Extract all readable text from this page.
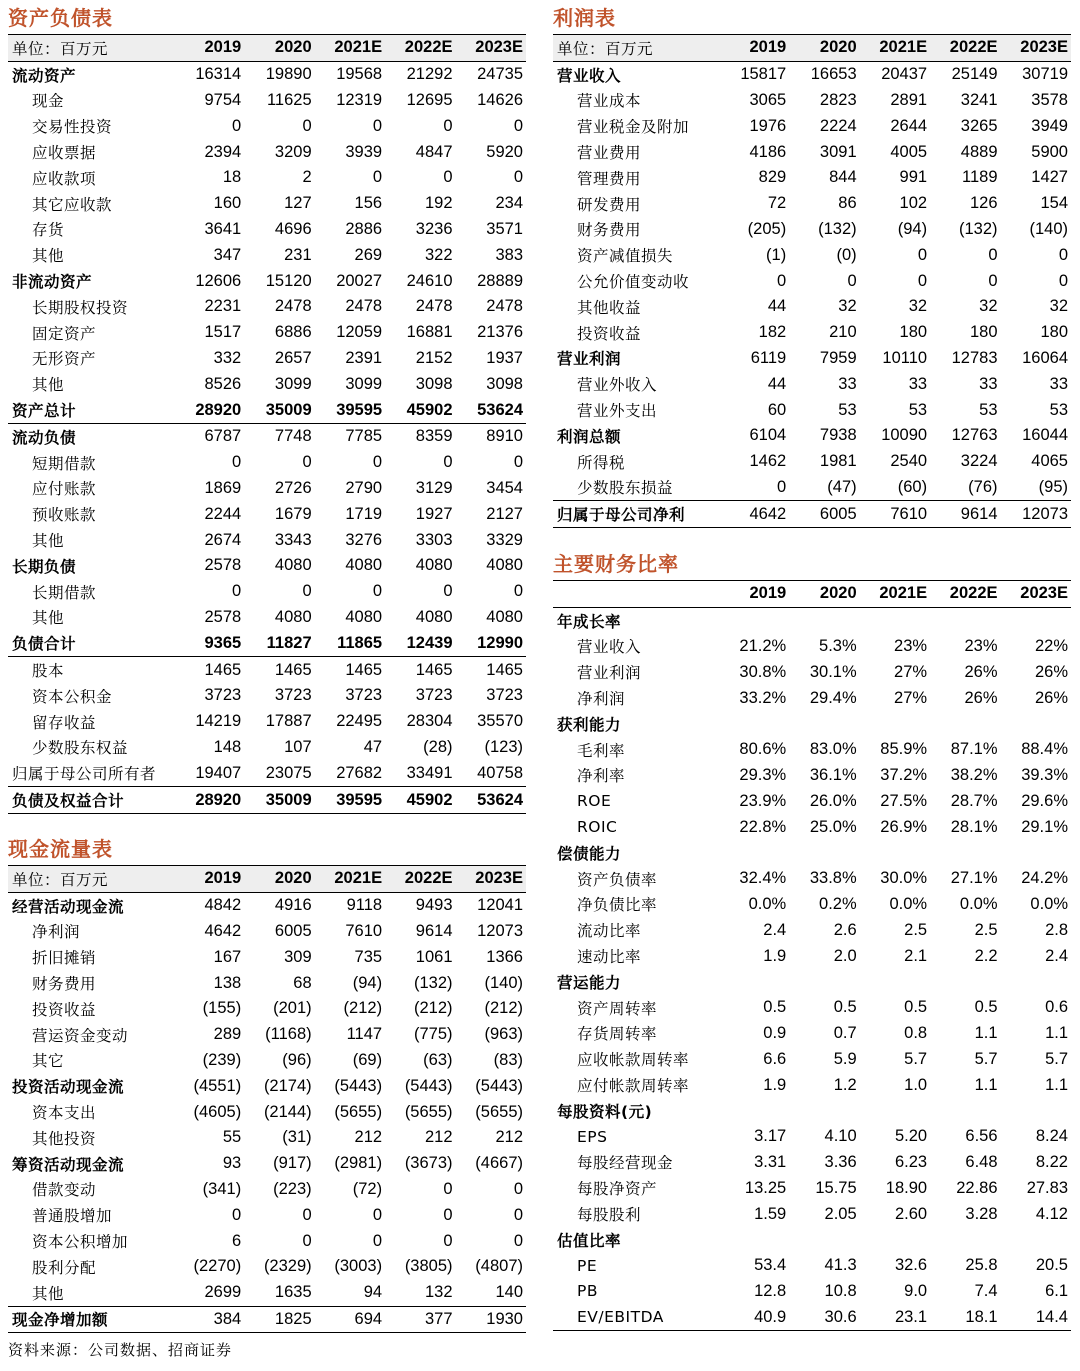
资产负债表
单位：百万元	2019	2020	2021E	2022E	2023E
流动资产	16314	19890	19568	21292	24735
现金	9754	11625	12319	12695	14626
交易性投资	0	0	0	0	0
应收票据	2394	3209	3939	4847	5920
应收款项	18	2	0	0	0
其它应收款	160	127	156	192	234
存货	3641	4696	2886	3236	3571
其他	347	231	269	322	383
非流动资产	12606	15120	20027	24610	28889
长期股权投资	2231	2478	2478	2478	2478
固定资产	1517	6886	12059	16881	21376
无形资产	332	2657	2391	2152	1937
其他	8526	3099	3099	3098	3098
资产总计	28920	35009	39595	45902	53624
流动负债	6787	7748	7785	8359	8910
短期借款	0	0	0	0	0
应付账款	1869	2726	2790	3129	3454
预收账款	2244	1679	1719	1927	2127
其他	2674	3343	3276	3303	3329
长期负债	2578	4080	4080	4080	4080
长期借款	0	0	0	0	0
其他	2578	4080	4080	4080	4080
负债合计	9365	11827	11865	12439	12990
股本	1465	1465	1465	1465	1465
资本公积金	3723	3723	3723	3723	3723
留存收益	14219	17887	22495	28304	35570
少数股东权益	148	107	47	(28)	(123)
归属于母公司所有者	19407	23075	27682	33491	40758
负债及权益合计	28920	35009	39595	45902	53624
利润表
单位：百万元	2019	2020	2021E	2022E	2023E
营业收入	15817	16653	20437	25149	30719
营业成本	3065	2823	2891	3241	3578
营业税金及附加	1976	2224	2644	3265	3949
营业费用	4186	3091	4005	4889	5900
管理费用	829	844	991	1189	1427
研发费用	72	86	102	126	154
财务费用	(205)	(132)	(94)	(132)	(140)
资产减值损失	(1)	(0)	0	0	0
公允价值变动收	0	0	0	0	0
其他收益	44	32	32	32	32
投资收益	182	210	180	180	180
营业利润	6119	7959	10110	12783	16064
营业外收入	44	33	33	33	33
营业外支出	60	53	53	53	53
利润总额	6104	7938	10090	12763	16044
所得税	1462	1981	2540	3224	4065
少数股东损益	0	(47)	(60)	(76)	(95)
归属于母公司净利	4642	6005	7610	9614	12073
主要财务比率
	2019	2020	2021E	2022E	2023E
年成长率					
营业收入	21.2%	5.3%	23%	23%	22%
营业利润	30.8%	30.1%	27%	26%	26%
净利润	33.2%	29.4%	27%	26%	26%
获利能力					
毛利率	80.6%	83.0%	85.9%	87.1%	88.4%
净利率	29.3%	36.1%	37.2%	38.2%	39.3%
ROE	23.9%	26.0%	27.5%	28.7%	29.6%
ROIC	22.8%	25.0%	26.9%	28.1%	29.1%
偿债能力					
资产负债率	32.4%	33.8%	30.0%	27.1%	24.2%
净负债比率	0.0%	0.2%	0.0%	0.0%	0.0%
流动比率	2.4	2.6	2.5	2.5	2.8
速动比率	1.9	2.0	2.1	2.2	2.4
营运能力					
资产周转率	0.5	0.5	0.5	0.5	0.6
存货周转率	0.9	0.7	0.8	1.1	1.1
应收帐款周转率	6.6	5.9	5.7	5.7	5.7
应付帐款周转率	1.9	1.2	1.0	1.1	1.1
每股资料(元)					
EPS	3.17	4.10	5.20	6.56	8.24
每股经营现金	3.31	3.36	6.23	6.48	8.22
每股净资产	13.25	15.75	18.90	22.86	27.83
每股股利	1.59	2.05	2.60	3.28	4.12
估值比率					
PE	53.4	41.3	32.6	25.8	20.5
PB	12.8	10.8	9.0	7.4	6.1
EV/EBITDA	40.9	30.6	23.1	18.1	14.4
现金流量表
单位：百万元	2019	2020	2021E	2022E	2023E
经营活动现金流	4842	4916	9118	9493	12041
净利润	4642	6005	7610	9614	12073
折旧摊销	167	309	735	1061	1366
财务费用	138	68	(94)	(132)	(140)
投资收益	(155)	(201)	(212)	(212)	(212)
营运资金变动	289	(1168)	1147	(775)	(963)
其它	(239)	(96)	(69)	(63)	(83)
投资活动现金流	(4551)	(2174)	(5443)	(5443)	(5443)
资本支出	(4605)	(2144)	(5655)	(5655)	(5655)
其他投资	55	(31)	212	212	212
筹资活动现金流	93	(917)	(2981)	(3673)	(4667)
借款变动	(341)	(223)	(72)	0	0
普通股增加	0	0	0	0	0
资本公积增加	6	0	0	0	0
股利分配	(2270)	(2329)	(3003)	(3805)	(4807)
其他	2699	1635	94	132	140
现金净增加额	384	1825	694	377	1930
资料来源：公司数据、招商证券
